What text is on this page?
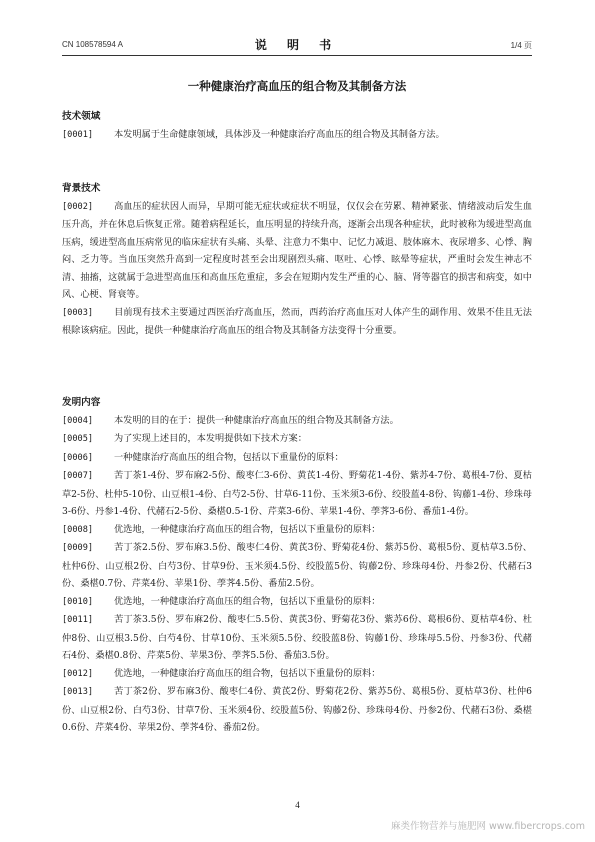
CN 108578594 A	说 明 书	1/4 页
一种健康治疗高血压的组合物及其制备方法

技术领域

[0001] 本发明属于生命健康领域，具体涉及一种健康治疗高血压的组合物及其制备方法。

背景技术

[0002] 高血压的症状因人而异，早期可能无症状或症状不明显，仅仅会在劳累、精神紧张、情绪波动后发生血压升高，并在休息后恢复正常。随着病程延长，血压明显的持续升高，逐渐会出现各种症状，此时被称为缓进型高血压病，缓进型高血压病常见的临床症状有头痛、头晕、注意力不集中、记忆力减退、肢体麻木、夜尿增多、心悸、胸闷、乏力等。当血压突然升高到一定程度时甚至会出现剧烈头痛、呕吐、心悸、眩晕等症状，严重时会发生神志不清、抽搐，这就属于急进型高血压和高血压危重症，多会在短期内发生严重的心、脑、肾等器官的损害和病变，如中风、心梗、肾衰等。

[0003] 目前现有技术主要通过西医治疗高血压，然而，西药治疗高血压对人体产生的副作用、效果不佳且无法根除该病症。因此，提供一种健康治疗高血压的组合物及其制备方法变得十分重要。

发明内容

[0004] 本发明的目的在于：提供一种健康治疗高血压的组合物及其制备方法。

[0005] 为了实现上述目的，本发明提供如下技术方案：

[0006] 一种健康治疗高血压的组合物，包括以下重量份的原料：

[0007] 苦丁茶1-4份、罗布麻2-5份、酸枣仁3-6份、黄芪1-4份、野菊花1-4份、紫苏4-7份、葛根4-7份、夏枯草2-5份、杜仲5-10份、山豆根1-4份、白芍2-5份、甘草6-11份、玉米须3-6份、绞股蓝4-8份、钩藤1-4份、珍珠母3-6份、丹参1-4份、代赭石2-5份、桑椹0.5-1份、芹菜3-6份、苹果1-4份、荸荠3-6份、番茄1-4份。

[0008] 优选地，一种健康治疗高血压的组合物，包括以下重量份的原料：

[0009] 苦丁茶2.5份、罗布麻3.5份、酸枣仁4份、黄芪3份、野菊花4份、紫苏5份、葛根5份、夏枯草3.5份、杜仲6份、山豆根2份、白芍3份、甘草9份、玉米须4.5份、绞股蓝5份、钩藤2份、珍珠母4份、丹参2份、代赭石3份、桑椹0.7份、芹菜4份、苹果1份、荸荠4.5份、番茄2.5份。

[0010] 优选地，一种健康治疗高血压的组合物，包括以下重量份的原料：

[0011] 苦丁茶3.5份、罗布麻2份、酸枣仁5.5份、黄芪3份、野菊花3份、紫苏6份、葛根6份、夏枯草4份、杜仲8份、山豆根3.5份、白芍4份、甘草10份、玉米须5.5份、绞股蓝8份、钩藤1份、珍珠母5.5份、丹参3份、代赭石4份、桑椹0.8份、芹菜5份、苹果3份、荸荠5.5份、番茄3.5份。

[0012] 优选地，一种健康治疗高血压的组合物，包括以下重量份的原料：

[0013] 苦丁茶2份、罗布麻3份、酸枣仁4份、黄芪2份、野菊花2份、紫苏5份、葛根5份、夏枯草3份、杜仲6份、山豆根2份、白芍3份、甘草7份、玉米须4份、绞股蓝5份、钩藤2份、珍珠母4份、丹参2份、代赭石3份、桑椹0.6份、芹菜4份、苹果2份、荸荠4份、番茄2份。

4
麻类作物营养与施肥网 www.fibercrops.com
